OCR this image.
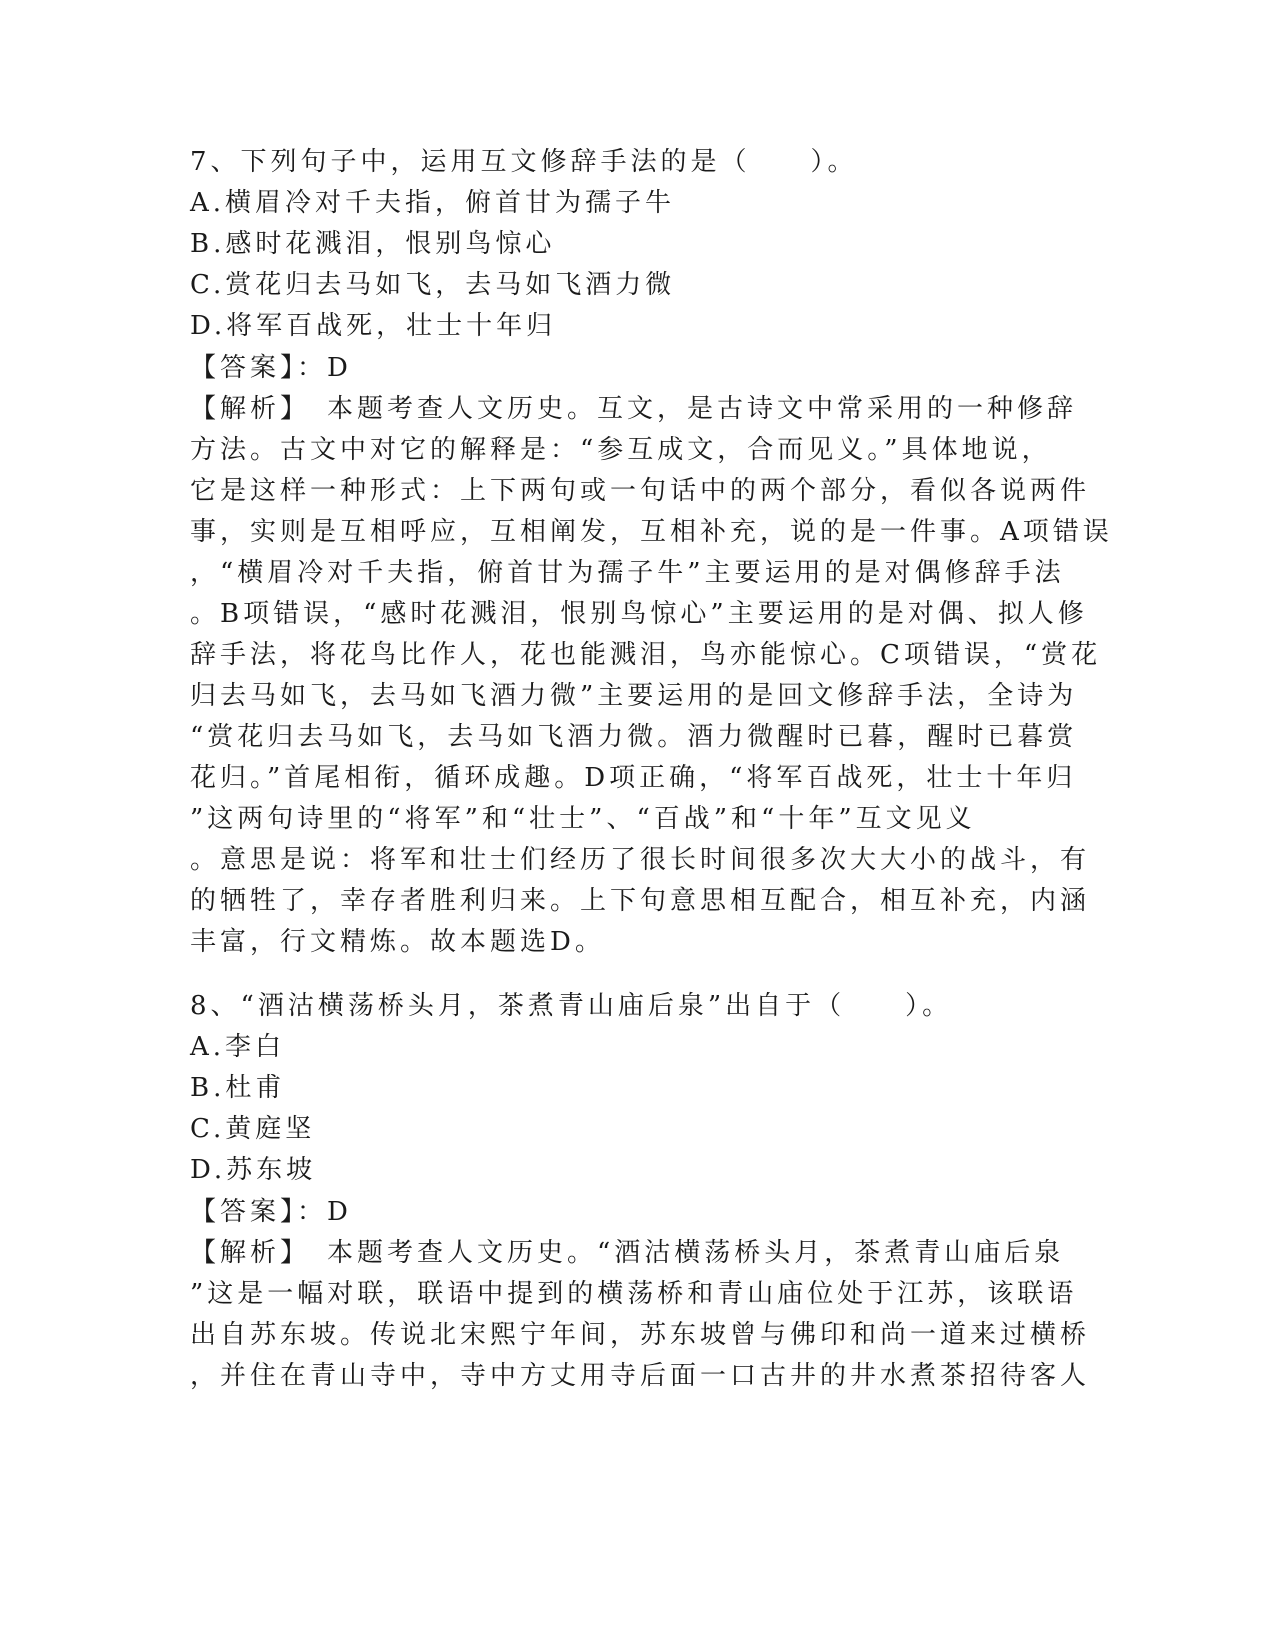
7、下列句子中，运用互文修辞手法的是（　　）。
A.横眉冷对千夫指，俯首甘为孺子牛
B.感时花溅泪，恨别鸟惊心
C.赏花归去马如飞，去马如飞酒力微
D.将军百战死，壮士十年归
【答案】：D
【解析】　本题考查人文历史。互文，是古诗文中常采用的一种修辞
方法。古文中对它的解释是：“参互成文，合而见义。”具体地说，
它是这样一种形式：上下两句或一句话中的两个部分，看似各说两件
事，实则是互相呼应，互相阐发，互相补充，说的是一件事。A项错误
，“横眉冷对千夫指，俯首甘为孺子牛”主要运用的是对偶修辞手法
。B项错误，“感时花溅泪，恨别鸟惊心”主要运用的是对偶、拟人修
辞手法，将花鸟比作人，花也能溅泪，鸟亦能惊心。C项错误，“赏花
归去马如飞，去马如飞酒力微”主要运用的是回文修辞手法，全诗为
“赏花归去马如飞，去马如飞酒力微。酒力微醒时已暮，醒时已暮赏
花归。”首尾相衔，循环成趣。D项正确，“将军百战死，壮士十年归
”这两句诗里的“将军”和“壮士”、“百战”和“十年”互文见义
。意思是说：将军和壮士们经历了很长时间很多次大大小的战斗，有
的牺牲了，幸存者胜利归来。上下句意思相互配合，相互补充，内涵
丰富，行文精炼。故本题选D。
8、“酒沽横荡桥头月，茶煮青山庙后泉”出自于（　　）。
A.李白
B.杜甫
C.黄庭坚
D.苏东坡
【答案】：D
【解析】　本题考查人文历史。“酒沽横荡桥头月，茶煮青山庙后泉
”这是一幅对联，联语中提到的横荡桥和青山庙位处于江苏，该联语
出自苏东坡。传说北宋熙宁年间，苏东坡曾与佛印和尚一道来过横桥
，并住在青山寺中，寺中方丈用寺后面一口古井的井水煮茶招待客人
